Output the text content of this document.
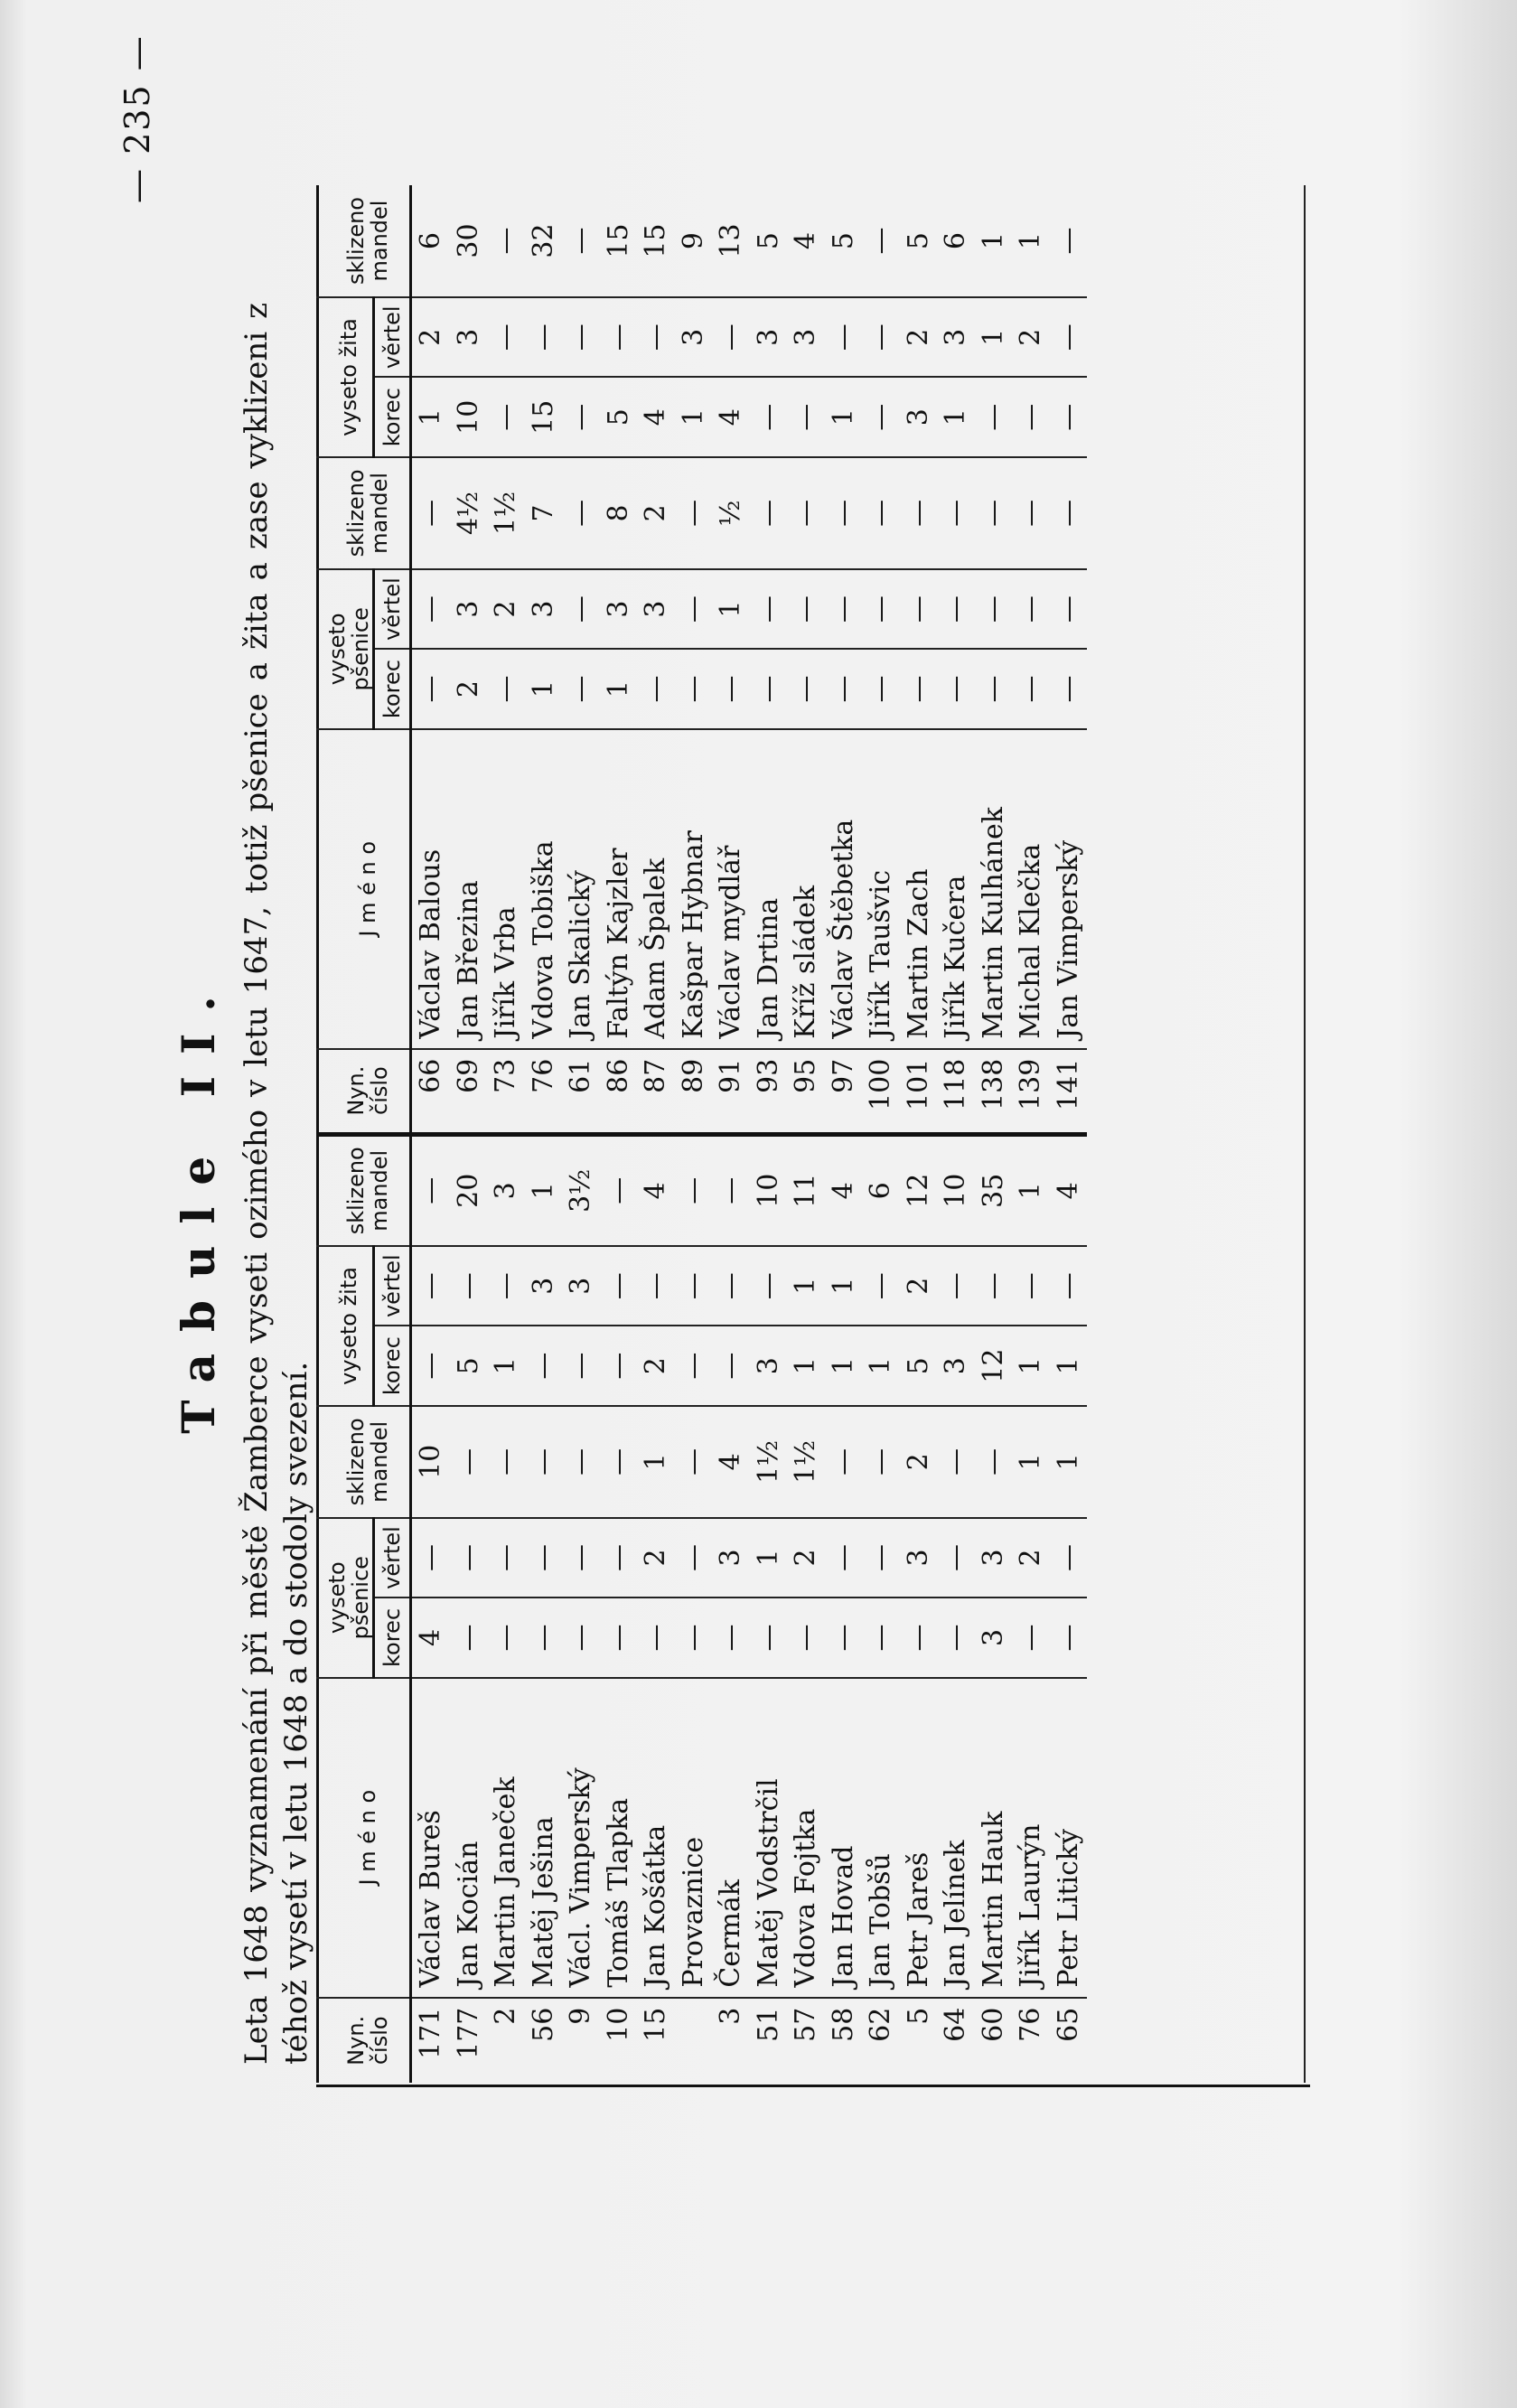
— 235 —
Tabule II. Leta 1648 vyznamenání při městě Žamberce vyseti ozimého v letu 1647, totiž pšenice a žita a zase vyklizeni z téhož vysetí v letu 1648 a do stodoly svezení. Nyn. číslo	J m é n o	vyseto pšenice		sklizeno mandel	vyseto žita		sklizeno mandel	Nyn. číslo	J m é n o	vyseto pšenice		sklizeno mandel	vyseto žita		sklizeno mandel
		korec	věrtel		korec	věrtel				korec	věrtel		korec	věrtel	
171	Václav Bureš	4	—	10	—	—	—	66	Václav Balous	—	—	—	1	2	6
177	Jan Kocián	—	—	—	5	—	20	69	Jan Březina	2	3	4½	10	3	30
2	Martin Janeček	—	—	—	1	—	3	73	Jiřík Vrba	—	2	1½	—	—	—
56	Matěj Ješina	—	—	—	—	3	1	76	Vdova Tobiška	1	3	7	15	—	32
9	Václ. Vimperský	—	—	—	—	3	3½	61	Jan Skalický	—	—	—	—	—	—
10	Tomáš Tlapka	—	—	—	—	—	—	86	Faltýn Kajzler	1	3	8	5	—	15
15	Jan Košátka	—	2	1	2	—	4	87	Adam Špalek	—	3	2	4	—	15
	Provaznice	—	—	—	—	—	—	89	Kašpar Hybnar	—	—	—	1	3	9
3	Čermák	—	3	4	—	—	—	91	Václav mydlář	—	1	½	4	—	13
51	Matěj Vodstrčil	—	1	1½	3	—	10	93	Jan Drtina	—	—	—	—	3	5
57	Vdova Fojtka	—	2	1½	1	1	11	95	Kříž sládek	—	—	—	—	3	4
58	Jan Hovad	—	—	—	1	1	4	97	Václav Štěbetka	—	—	—	1	—	5
62	Jan Tobšů	—	—	—	1	—	6	100	Jiřík Taušvic	—	—	—	—	—	—
5	Petr Jareš	—	3	2	5	2	12	101	Martin Zach	—	—	—	3	2	5
64	Jan Jelínek	—	—	—	3	—	10	118	Jiřík Kučera	—	—	—	1	3	6
60	Martin Hauk	3	3	—	12	—	35	138	Martin Kulhánek	—	—	—	—	1	1
76	Jiřík Laurýn	—	2	1	1	—	1	139	Michal Klečka	—	—	—	—	2	1
65	Petr Litický	—	—	1	1	—	4	141	Jan Vimperský	—	—	—	—	—	—
